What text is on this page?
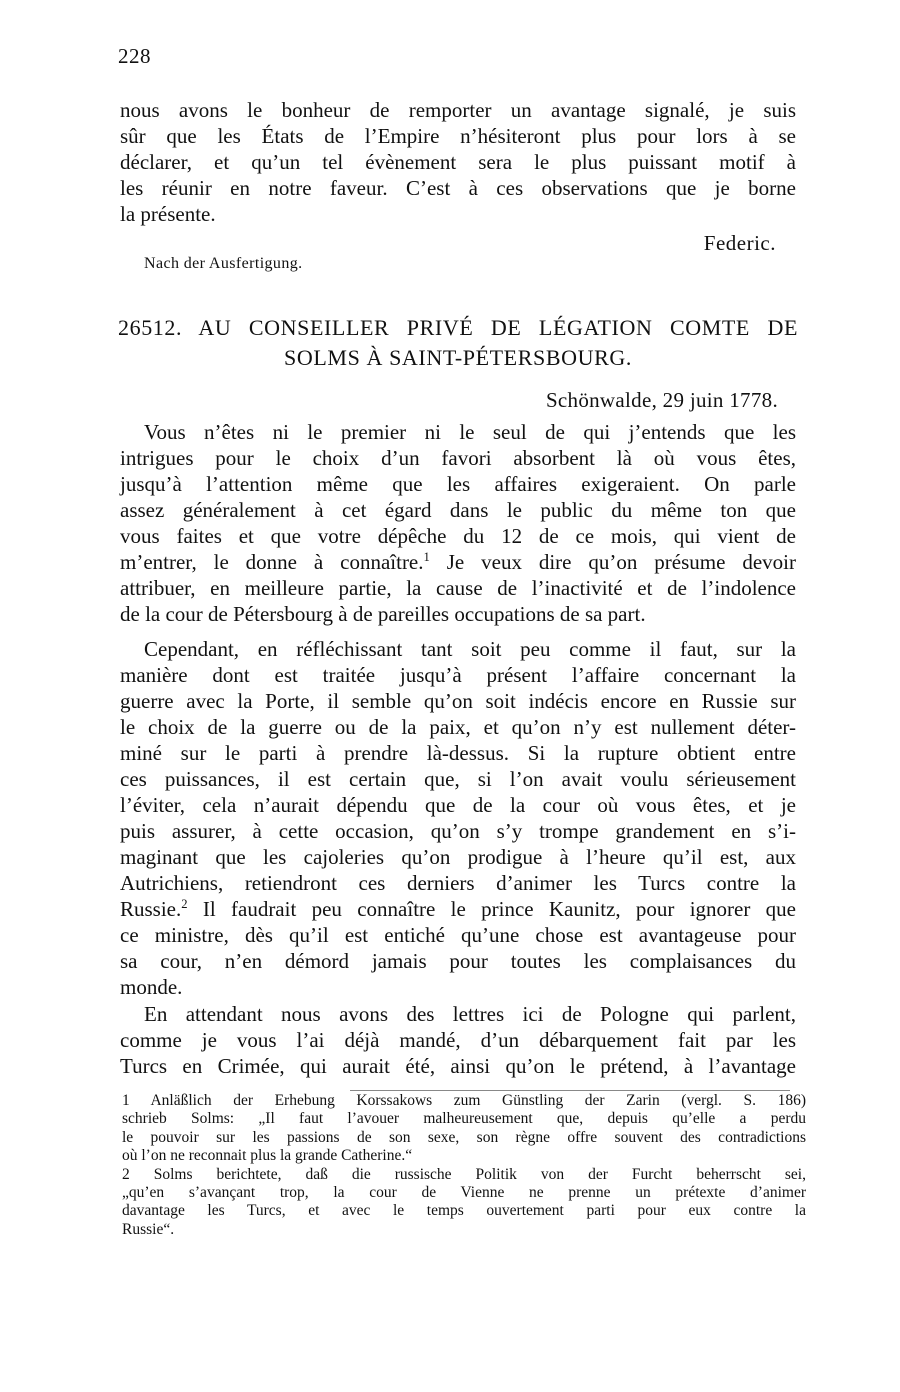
228
nous avons le bonheur de remporter un avantage signalé, je suis
sûr que les États de l’Empire n’hésiteront plus pour lors à se
déclarer, et qu’un tel évènement sera le plus puissant motif à
les réunir en notre faveur. C’est à ces observations que je borne
la présente.
Federic.
Nach der Ausfertigung.
26512. AU CONSEILLER PRIVÉ DE LÉGATION COMTE DE
SOLMS À SAINT-PÉTERSBOURG.
Schönwalde, 29 juin 1778.
Vous n’êtes ni le premier ni le seul de qui j’entends que les
intrigues pour le choix d’un favori absorbent là où vous êtes,
jusqu’à l’attention même que les affaires exigeraient. On parle
assez généralement à cet égard dans le public du même ton que
vous faites et que votre dépêche du 12 de ce mois, qui vient de
m’entrer, le donne à connaître.$^1$ Je veux dire qu’on présume devoir
attribuer, en meilleure partie, la cause de l’inactivité et de l’indolence
de la cour de Pétersbourg à de pareilles occupations de sa part.
Cependant, en réfléchissant tant soit peu comme il faut, sur la
manière dont est traitée jusqu’à présent l’affaire concernant la
guerre avec la Porte, il semble qu’on soit indécis encore en Russie sur
le choix de la guerre ou de la paix, et qu’on n’y est nullement déter-
miné sur le parti à prendre là-dessus. Si la rupture obtient entre
ces puissances, il est certain que, si l’on avait voulu sérieusement
l’éviter, cela n’aurait dépendu que de la cour où vous êtes, et je
puis assurer, à cette occasion, qu’on s’y trompe grandement en s’i-
maginant que les cajoleries qu’on prodigue à l’heure qu’il est, aux
Autrichiens, retiendront ces derniers d’animer les Turcs contre la
Russie.$^2$ Il faudrait peu connaître le prince Kaunitz, pour ignorer que
ce ministre, dès qu’il est entiché qu’une chose est avantageuse pour
sa cour, n’en démord jamais pour toutes les complaisances du
monde.
En attendant nous avons des lettres ici de Pologne qui parlent,
comme je vous l’ai déjà mandé, d’un débarquement fait par les
Turcs en Crimée, qui aurait été, ainsi qu’on le prétend, à l’avantage
1 Anläßlich der Erhebung Korssakows zum Günstling der Zarin (vergl. S. 186)
schrieb Solms: „Il faut l’avouer malheureusement que, depuis qu’elle a perdu
le pouvoir sur les passions de son sexe, son règne offre souvent des contradictions
où l’on ne reconnait plus la grande Catherine.“
2 Solms berichtete, daß die russische Politik von der Furcht beherrscht sei,
„qu’en s’avançant trop, la cour de Vienne ne prenne un prétexte d’animer
davantage les Turcs, et avec le temps ouvertement parti pour eux contre la
Russie“.
